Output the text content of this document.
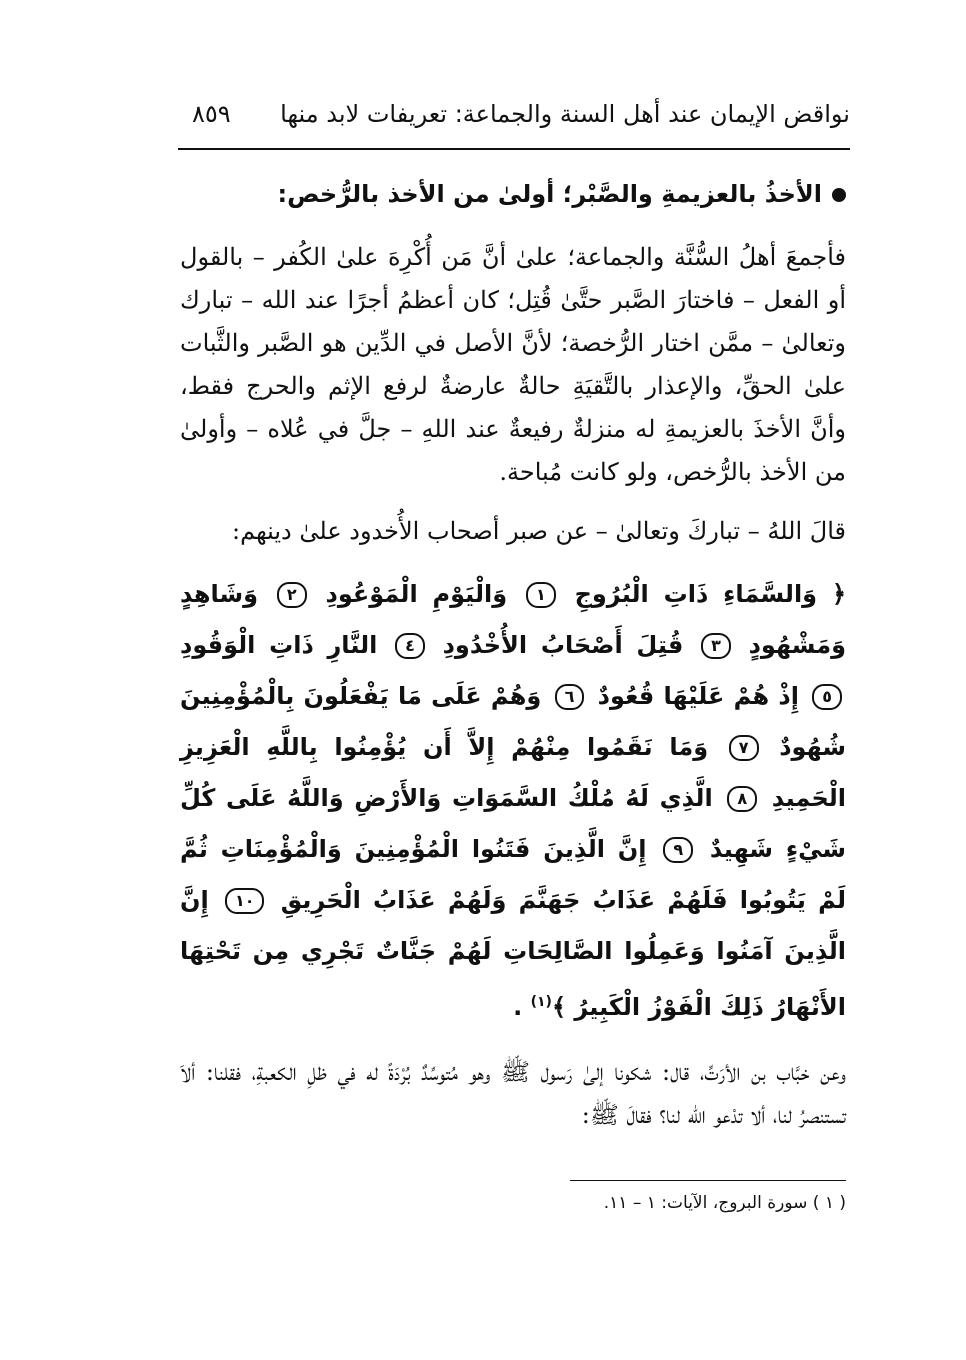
نواقض الإيمان عند أهل السنة والجماعة: تعريفات لابد منها
٨٥٩
الأخذُ بالعزيمةِ والصَّبْر؛ أولىٰ من الأخذ بالرُّخص:

فأجمعَ أهلُ السُّنَّة والجماعة؛ علىٰ أنَّ مَن أُكْرِهَ علىٰ الكُفر – بالقول أو الفعل – فاختارَ الصَّبر حتَّىٰ قُتِل؛ كان أعظمُ أجرًا عند الله – تبارك وتعالىٰ – ممَّن اختار الرُّخصة؛ لأنَّ الأصل في الدِّين هو الصَّبر والثَّبات علىٰ الحقِّ، والإعذار بالتَّقيَةِ حالةٌ عارضةٌ لرفع الإثم والحرج فقط، وأنَّ الأخذَ بالعزيمةِ له منزلةٌ رفيعةٌ عند اللهِ – جلَّ في عُلاه – وأولىٰ من الأخذ بالرُّخص، ولو كانت مُباحة.

قالَ اللهُ – تباركَ وتعالىٰ – عن صبر أصحاب الأُخدود علىٰ دينهم:

﴿ وَالسَّمَاءِ ذَاتِ الْبُرُوجِ ١ وَالْيَوْمِ الْمَوْعُودِ ٢ وَشَاهِدٍ وَمَشْهُودٍ ٣ قُتِلَ أَصْحَابُ الأُخْدُودِ ٤ النَّارِ ذَاتِ الْوَقُودِ ٥ إِذْ هُمْ عَلَيْهَا قُعُودٌ ٦ وَهُمْ عَلَى مَا يَفْعَلُونَ بِالْمُؤْمِنِينَ شُهُودٌ ٧ وَمَا نَقَمُوا مِنْهُمْ إِلاَّ أَن يُؤْمِنُوا بِاللَّهِ الْعَزِيزِ الْحَمِيدِ ٨ الَّذِي لَهُ مُلْكُ السَّمَوَاتِ وَالأَرْضِ وَاللَّهُ عَلَى كُلِّ شَيْءٍ شَهِيدٌ ٩ إِنَّ الَّذِينَ فَتَنُوا الْمُؤْمِنِينَ وَالْمُؤْمِنَاتِ ثُمَّ لَمْ يَتُوبُوا فَلَهُمْ عَذَابُ جَهَنَّمَ وَلَهُمْ عَذَابُ الْحَرِيقِ ١٠ إِنَّ الَّذِينَ آمَنُوا وَعَمِلُوا الصَّالِحَاتِ لَهُمْ جَنَّاتٌ تَجْرِي مِن تَحْتِهَا الأَنْهَارُ ذَلِكَ الْفَوْزُ الْكَبِيرُ ﴾$^{(١)}$ .

وعن خبَّاب بن الأرَتِّ، قال: شكونا إلىٰ رَسول ﷺ وهو مُتوسِّدٌ بُرْدَةً له في ظلِ الكعبةِ، فقلنا: ألاَ تستنصرُ لنا، ألا تدْعو الله لنا؟ فقالَ ﷺ:

( ١ ) سورة البروج، الآيات: ١ – ١١.
